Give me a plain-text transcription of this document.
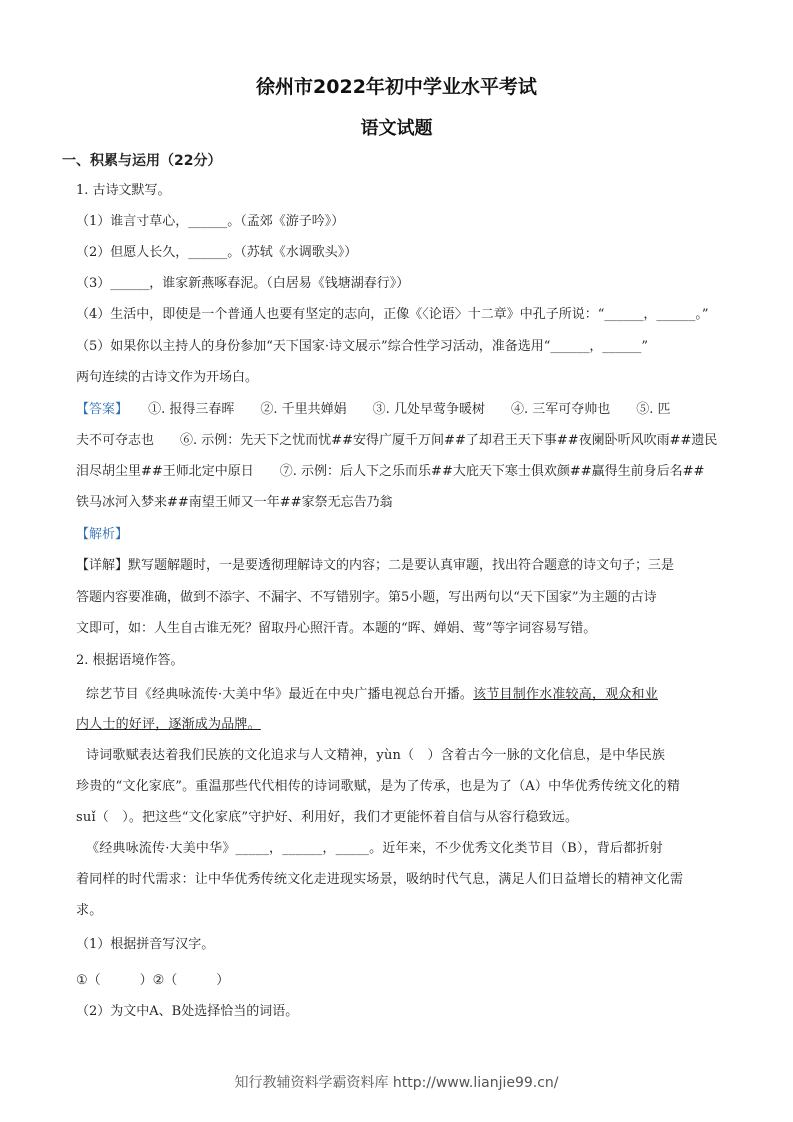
徐州市2022年初中学业水平考试
语文试题
一、积累与运用（22分）
1. 古诗文默写。
（1）谁言寸草心，______。（孟郊《游子吟》）
（2）但愿人长久，______。（苏轼《水调歌头》）
（3）______，谁家新燕啄春泥。（白居易《钱塘湖春行》）
（4）生活中，即使是一个普通人也要有坚定的志向，正像《〈论语〉十二章》中孔子所说：“______，______。”
（5）如果你以主持人的身份参加“天下国家·诗文展示”综合性学习活动，准备选用“______，______”
两句连续的古诗文作为开场白。
【答案】 ①. 报得三春晖　　②. 千里共婵娟　　③. 几处早莺争暖树　　④. 三军可夺帅也　　⑤. 匹
夫不可夺志也　　⑥. 示例：先天下之忧而忧##安得广厦千万间##了却君王天下事##夜阑卧听风吹雨##遗民
泪尽胡尘里##王师北定中原日　　⑦. 示例：后人下之乐而乐##大庇天下寒士俱欢颜##赢得生前身后名##
铁马冰河入梦来##南望王师又一年##家祭无忘告乃翁
【解析】
【详解】默写题解题时，一是要透彻理解诗文的内容；二是要认真审题，找出符合题意的诗文句子；三是
答题内容要准确，做到不添字、不漏字、不写错别字。第5小题，写出两句以“天下国家”为主题的古诗
文即可，如：人生自古谁无死？留取丹心照汗青。本题的“晖、婵娟、莺”等字词容易写错。
2. 根据语境作答。
综艺节目《经典咏流传·大美中华》最近在中央广播电视总台开播。该节目制作水准较高，观众和业
内人士的好评，逐渐成为品牌。
诗词歌赋表达着我们民族的文化追求与人文精神，yùn（　）含着古今一脉的文化信息，是中华民族
珍贵的“文化家底”。重温那些代代相传的诗词歌赋，是为了传承，也是为了（A）中华优秀传统文化的精
suǐ（　）。把这些“文化家底”守护好、利用好，我们才更能怀着自信与从容行稳致远。
《经典咏流传·大美中华》_____，______，_____。近年来，不少优秀文化类节目（B），背后都折射
着同样的时代需求：让中华优秀传统文化走进现实场景，吸纳时代气息，满足人们日益增长的精神文化需
求。
（1）根据拼音写汉字。
①（　　　）②（　　　）
（2）为文中A、B处选择恰当的词语。
知行教辅资料学霸资料库 http://www.lianjie99.cn/
